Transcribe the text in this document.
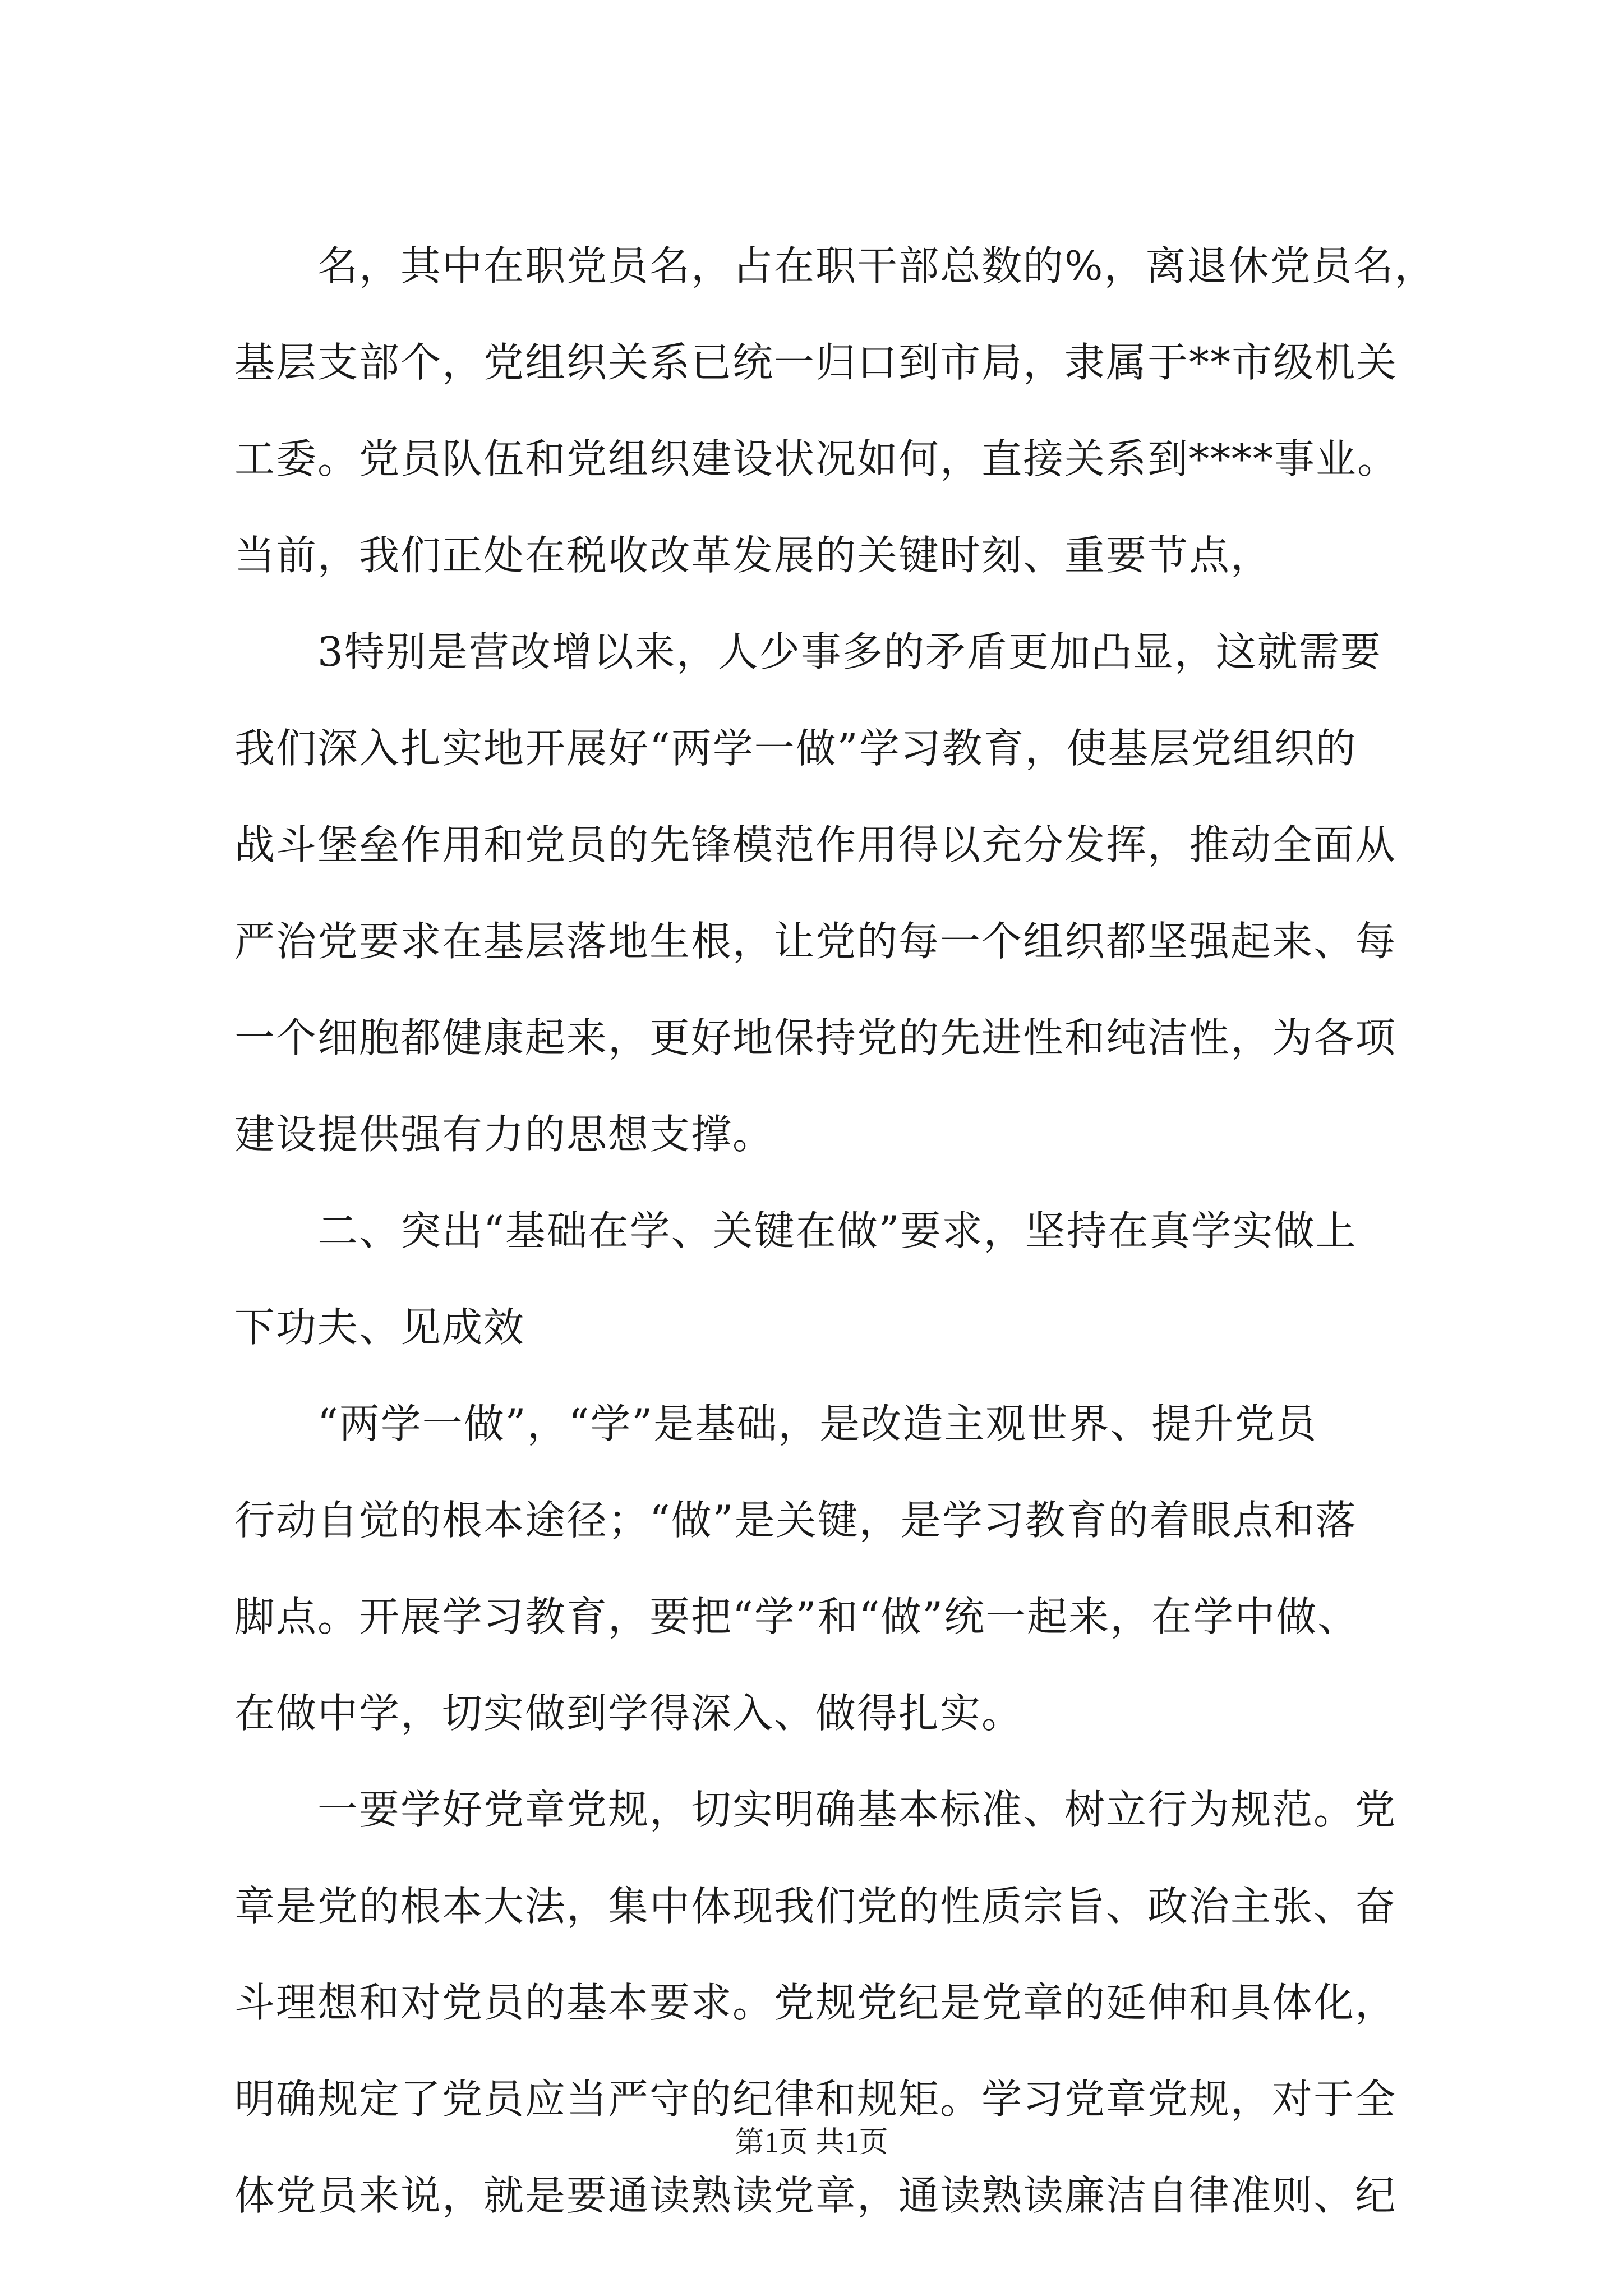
名，其中在职党员名，占在职干部总数的%，离退休党员名，
基层支部个，党组织关系已统一归口到市局，隶属于**市级机关
工委。党员队伍和党组织建设状况如何，直接关系到****事业。
当前，我们正处在税收改革发展的关键时刻、重要节点，
3特别是营改增以来，人少事多的矛盾更加凸显，这就需要
我们深入扎实地开展好“两学一做”学习教育，使基层党组织的
战斗堡垒作用和党员的先锋模范作用得以充分发挥，推动全面从
严治党要求在基层落地生根，让党的每一个组织都坚强起来、每
一个细胞都健康起来，更好地保持党的先进性和纯洁性，为各项
建设提供强有力的思想支撑。
二、突出“基础在学、关键在做”要求，坚持在真学实做上
下功夫、见成效
“两学一做”，“学”是基础，是改造主观世界、提升党员
行动自觉的根本途径；“做”是关键，是学习教育的着眼点和落
脚点。开展学习教育，要把“学”和“做”统一起来，在学中做、
在做中学，切实做到学得深入、做得扎实。
一要学好党章党规，切实明确基本标准、树立行为规范。党
章是党的根本大法，集中体现我们党的性质宗旨、政治主张、奋
斗理想和对党员的基本要求。党规党纪是党章的延伸和具体化，
明确规定了党员应当严守的纪律和规矩。学习党章党规，对于全
体党员来说，就是要通读熟读党章，通读熟读廉洁自律准则、纪
第1页 共1页
